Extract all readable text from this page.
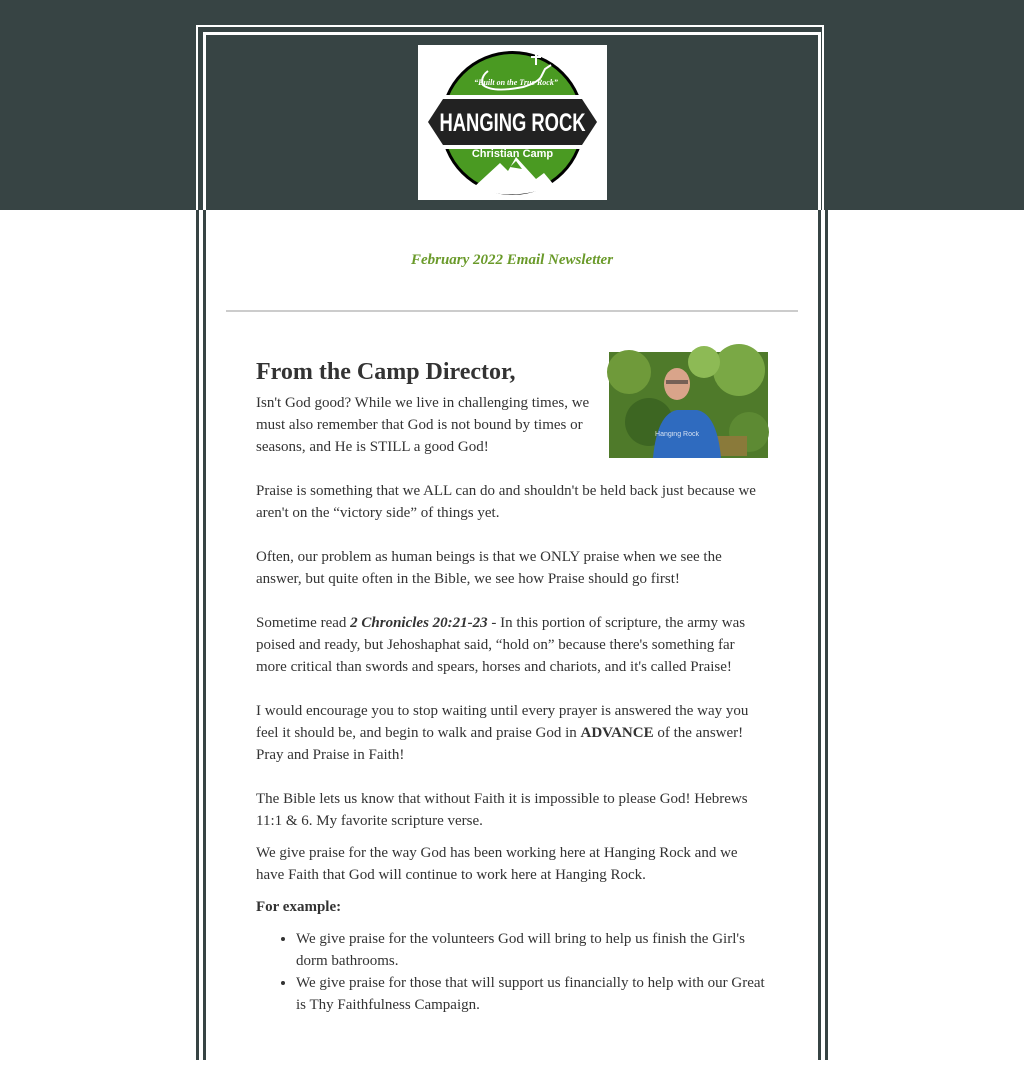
“Built on the True Rock”
HANGING ROCK
Christian Camp
February 2022 Email Newsletter
Hanging Rock
From the Camp Director,

Isn't God good? While we live in challenging times, we must also remember that God is not bound by times or seasons, and He is STILL a good God!

Praise is something that we ALL can do and shouldn't be held back just because we aren't on the “victory side” of things yet.

Often, our problem as human beings is that we ONLY praise when we see the answer, but quite often in the Bible, we see how Praise should go first!

Sometime read 2 Chronicles 20:21-23 - In this portion of scripture, the army was poised and ready, but Jehoshaphat said, “hold on” because there's something far more critical than swords and spears, horses and chariots, and it's called Praise!

I would encourage you to stop waiting until every prayer is answered the way you feel it should be, and begin to walk and praise God in ADVANCE of the answer! Pray and Praise in Faith!

The Bible lets us know that without Faith it is impossible to please God! Hebrews 11:1 & 6. My favorite scripture verse.

We give praise for the way God has been working here at Hanging Rock and we have Faith that God will continue to work here at Hanging Rock.

For example:

• We give praise for the volunteers God will bring to help us finish the Girl's dorm bathrooms.
• We give praise for those that will support us financially to help with our Great is Thy Faithfulness Campaign.
